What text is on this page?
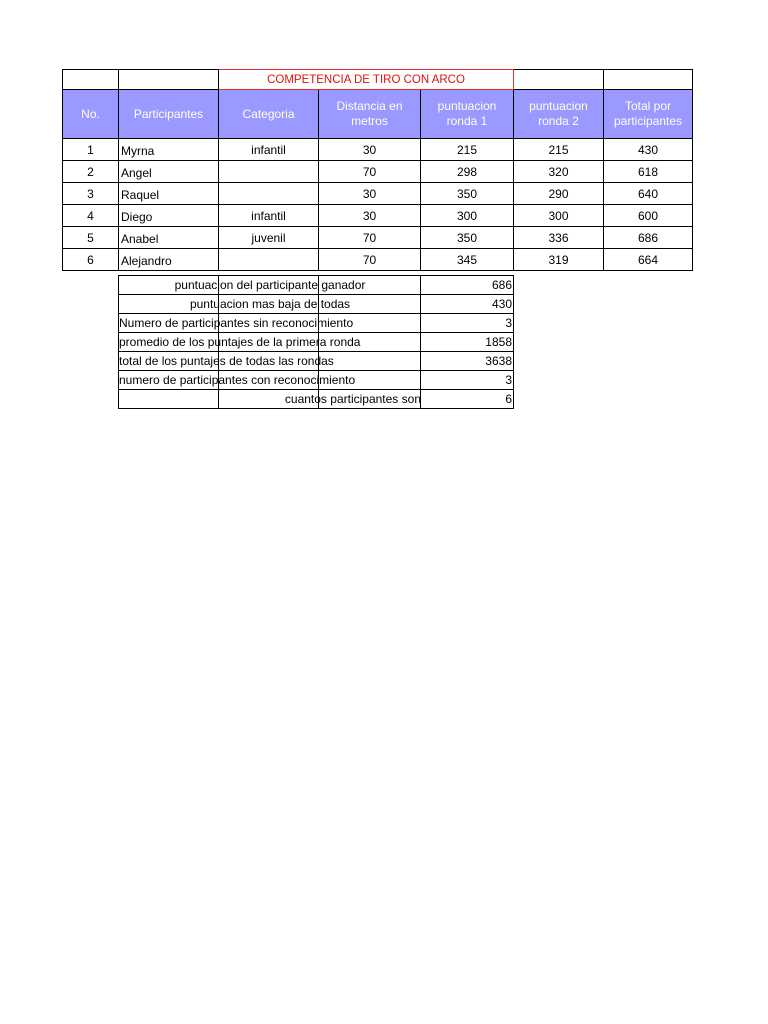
		COMPETENCIA DE TIRO CON ARCO				
No.	Participantes	Categoria	Distancia en metros	puntuacion ronda 1	puntuacion ronda 2	Total por participantes
1	Myrna	infantil	30	215	215	430
2	Angel		70	298	320	618
3	Raquel		30	350	290	640
4	Diego	infantil	30	300	300	600
5	Anabel	juvenil	70	350	336	686
6	Alejandro		70	345	319	664
puntuacion del participante ganador	686

puntuacion mas baja de todas	430

Numero de participantes sin reconocimiento	3

promedio de los puntajes de la primera ronda	1858

total de los puntajes de todas las rondas	3638

numero de participantes con reconocimiento	3

cuantos participantes son	6
